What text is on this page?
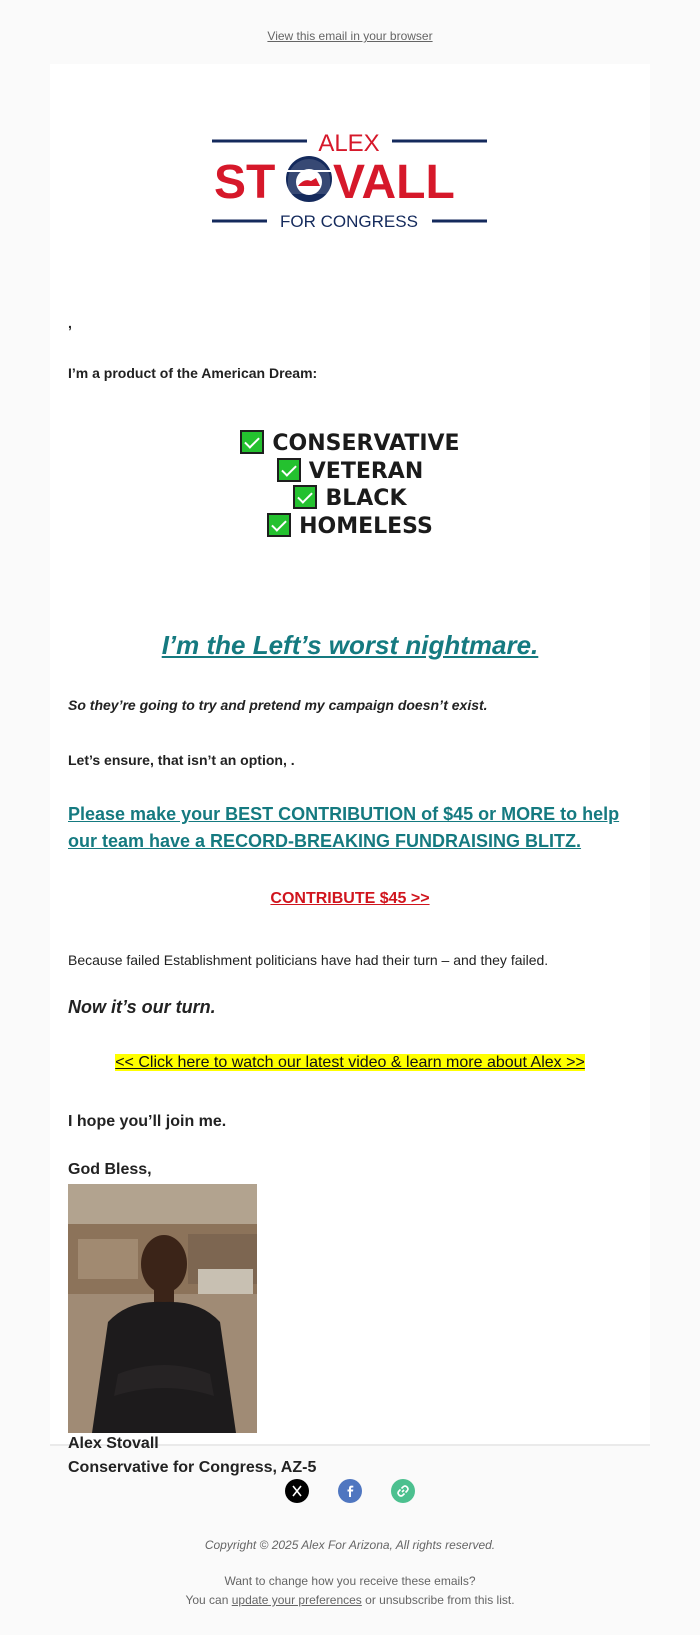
View this email in your browser
ALEX
ST VALL
FOR CONGRESS
,
I’m a product of the American Dream:
CONSERVATIVE
VETERAN
BLACK
HOMELESS
I’m the Left’s worst nightmare.
So they’re going to try and pretend my campaign doesn’t exist.
Let’s ensure, that isn’t an option, .
Please make your BEST CONTRIBUTION of $45 or MORE to help our team have a RECORD-BREAKING FUNDRAISING BLITZ.
CONTRIBUTE $45 >>
Because failed Establishment politicians have had their turn – and they failed.
Now it’s our turn.
<< Click here to watch our latest video & learn more about Alex >>
I hope you’ll join me.
God Bless,
Alex Stovall
Conservative for Congress, AZ-5
Copyright © 2025 Alex For Arizona, All rights reserved.
Want to change how you receive these emails?
You can update your preferences or unsubscribe from this list.
